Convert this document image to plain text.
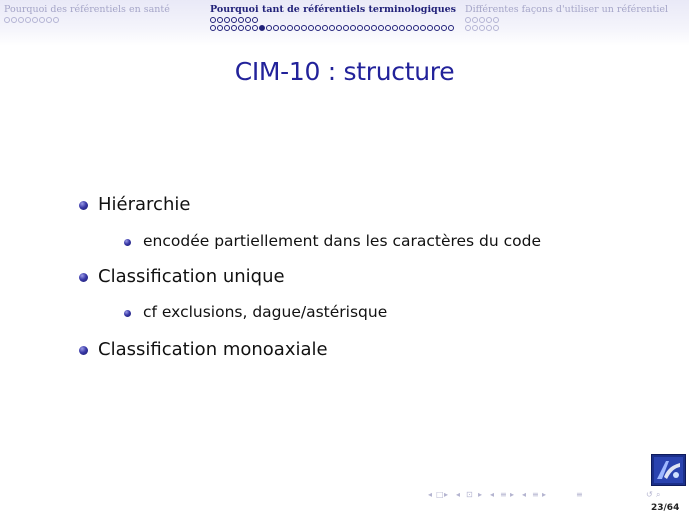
Pourquoi des référentiels en santé	Pourquoi tant de référentiels terminologiques Différentes façons d'utiliser un référentiel
CIM-10 : structure
Hiérarchie
encodée partiellement dans les caractères du code
Classification unique
cf exclusions, dague/astérisque
Classification monoaxiale
◂ □ ▸ ◂ ⊡ ▸ ◂ ≡ ▸ ◂ ≡ ▸	≡	↺ ⌕
23/64
